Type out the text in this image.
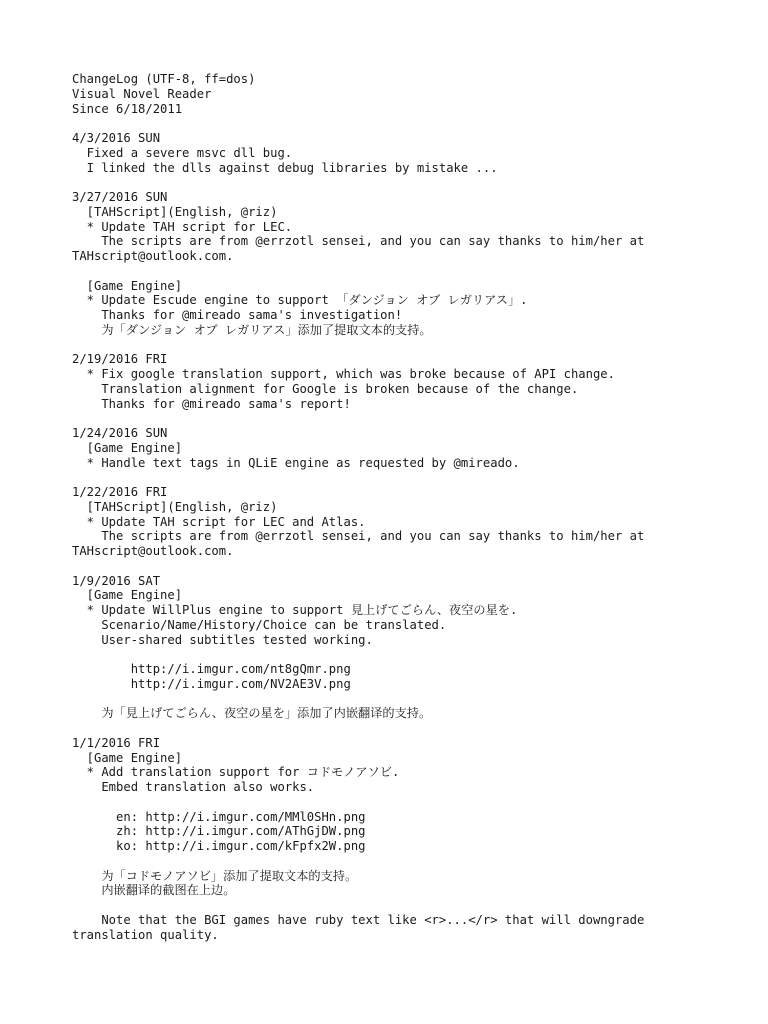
ChangeLog (UTF-8, ff=dos)
Visual Novel Reader
Since 6/18/2011
4/3/2016 SUN
Fixed a severe msvc dll bug.
I linked the dlls against debug libraries by mistake ...
3/27/2016 SUN
[TAHScript](English, @riz)
* Update TAH script for LEC.
The scripts are from @errzotl sensei, and you can say thanks to him/her at
TAHscript@outlook.com.
[Game Engine]
* Update Escude engine to support 「ダンジョン オブ レガリアス」.
Thanks for @mireado sama's investigation!
为「ダンジョン オブ レガリアス」添加了提取文本的支持。
2/19/2016 FRI
* Fix google translation support, which was broke because of API change.
Translation alignment for Google is broken because of the change.
Thanks for @mireado sama's report!
1/24/2016 SUN
[Game Engine]
* Handle text tags in QLiE engine as requested by @mireado.
1/22/2016 FRI
[TAHScript](English, @riz)
* Update TAH script for LEC and Atlas.
The scripts are from @errzotl sensei, and you can say thanks to him/her at
TAHscript@outlook.com.
1/9/2016 SAT
[Game Engine]
* Update WillPlus engine to support 見上げてごらん、夜空の星を.
Scenario/Name/History/Choice can be translated.
User-shared subtitles tested working.
http://i.imgur.com/nt8gQmr.png
http://i.imgur.com/NV2AE3V.png
为「見上げてごらん、夜空の星を」添加了内嵌翻译的支持。
1/1/2016 FRI
[Game Engine]
* Add translation support for コドモノアソビ.
Embed translation also works.
en: http://i.imgur.com/MMl0SHn.png
zh: http://i.imgur.com/AThGjDW.png
ko: http://i.imgur.com/kFpfx2W.png
为「コドモノアソビ」添加了提取文本的支持。
内嵌翻译的截图在上边。
Note that the BGI games have ruby text like <r>...</r> that will downgrade
translation quality.
